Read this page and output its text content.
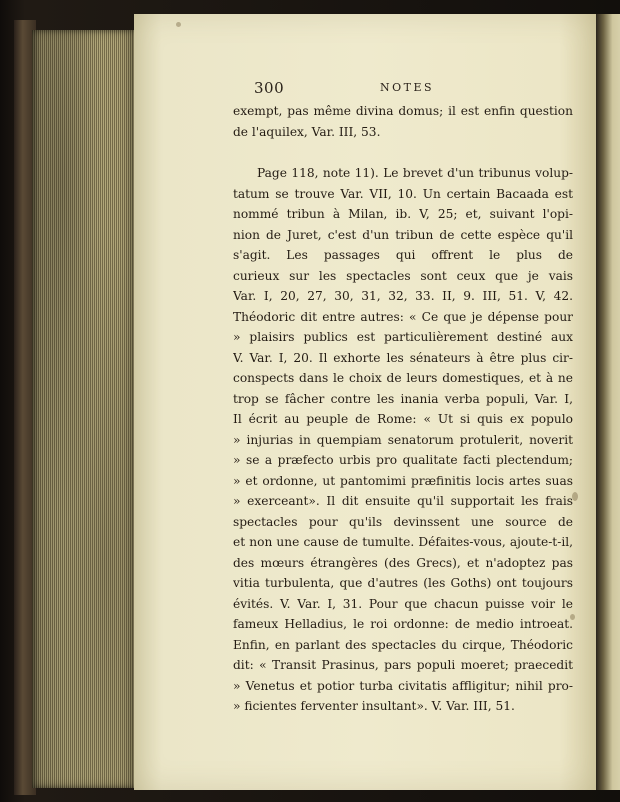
300	NOTES
exempt, pas même divina domus; il est enfin question
de l'aquilex, Var. III, 53.
Page 118, note 11). Le brevet d'un tribunus volup-
tatum se trouve Var. VII, 10. Un certain Bacaada est
nommé tribun à Milan, ib. V, 25; et, suivant l'opi-
nion de Juret, c'est d'un tribun de cette espèce qu'il
s'agit. Les passages qui offrent le plus de
curieux sur les spectacles sont ceux que je vais
Var. I, 20, 27, 30, 31, 32, 33. II, 9. III, 51. V, 42.
Théodoric dit entre autres: « Ce que je dépense pour
» plaisirs publics est particulièrement destiné aux
V. Var. I, 20. Il exhorte les sénateurs à être plus cir-
conspects dans le choix de leurs domestiques, et à ne
trop se fâcher contre les inania verba populi, Var. I,
Il écrit au peuple de Rome: « Ut si quis ex populo
» injurias in quempiam senatorum protulerit, noverit
» se a præfecto urbis pro qualitate facti plectendum;
» et ordonne, ut pantomimi præfinitis locis artes suas
» exerceant». Il dit ensuite qu'il supportait les frais
spectacles pour qu'ils devinssent une source de
et non une cause de tumulte. Défaites-vous, ajoute-t-il,
des mœurs étrangères (des Grecs), et n'adoptez pas
vitia turbulenta, que d'autres (les Goths) ont toujours
évités. V. Var. I, 31. Pour que chacun puisse voir le
fameux Helladius, le roi ordonne: de medio introeat.
Enfin, en parlant des spectacles du cirque, Théodoric
dit: « Transit Prasinus, pars populi moeret; praecedit
» Venetus et potior turba civitatis affligitur; nihil pro-
» ficientes ferventer insultant». V. Var. III, 51.
